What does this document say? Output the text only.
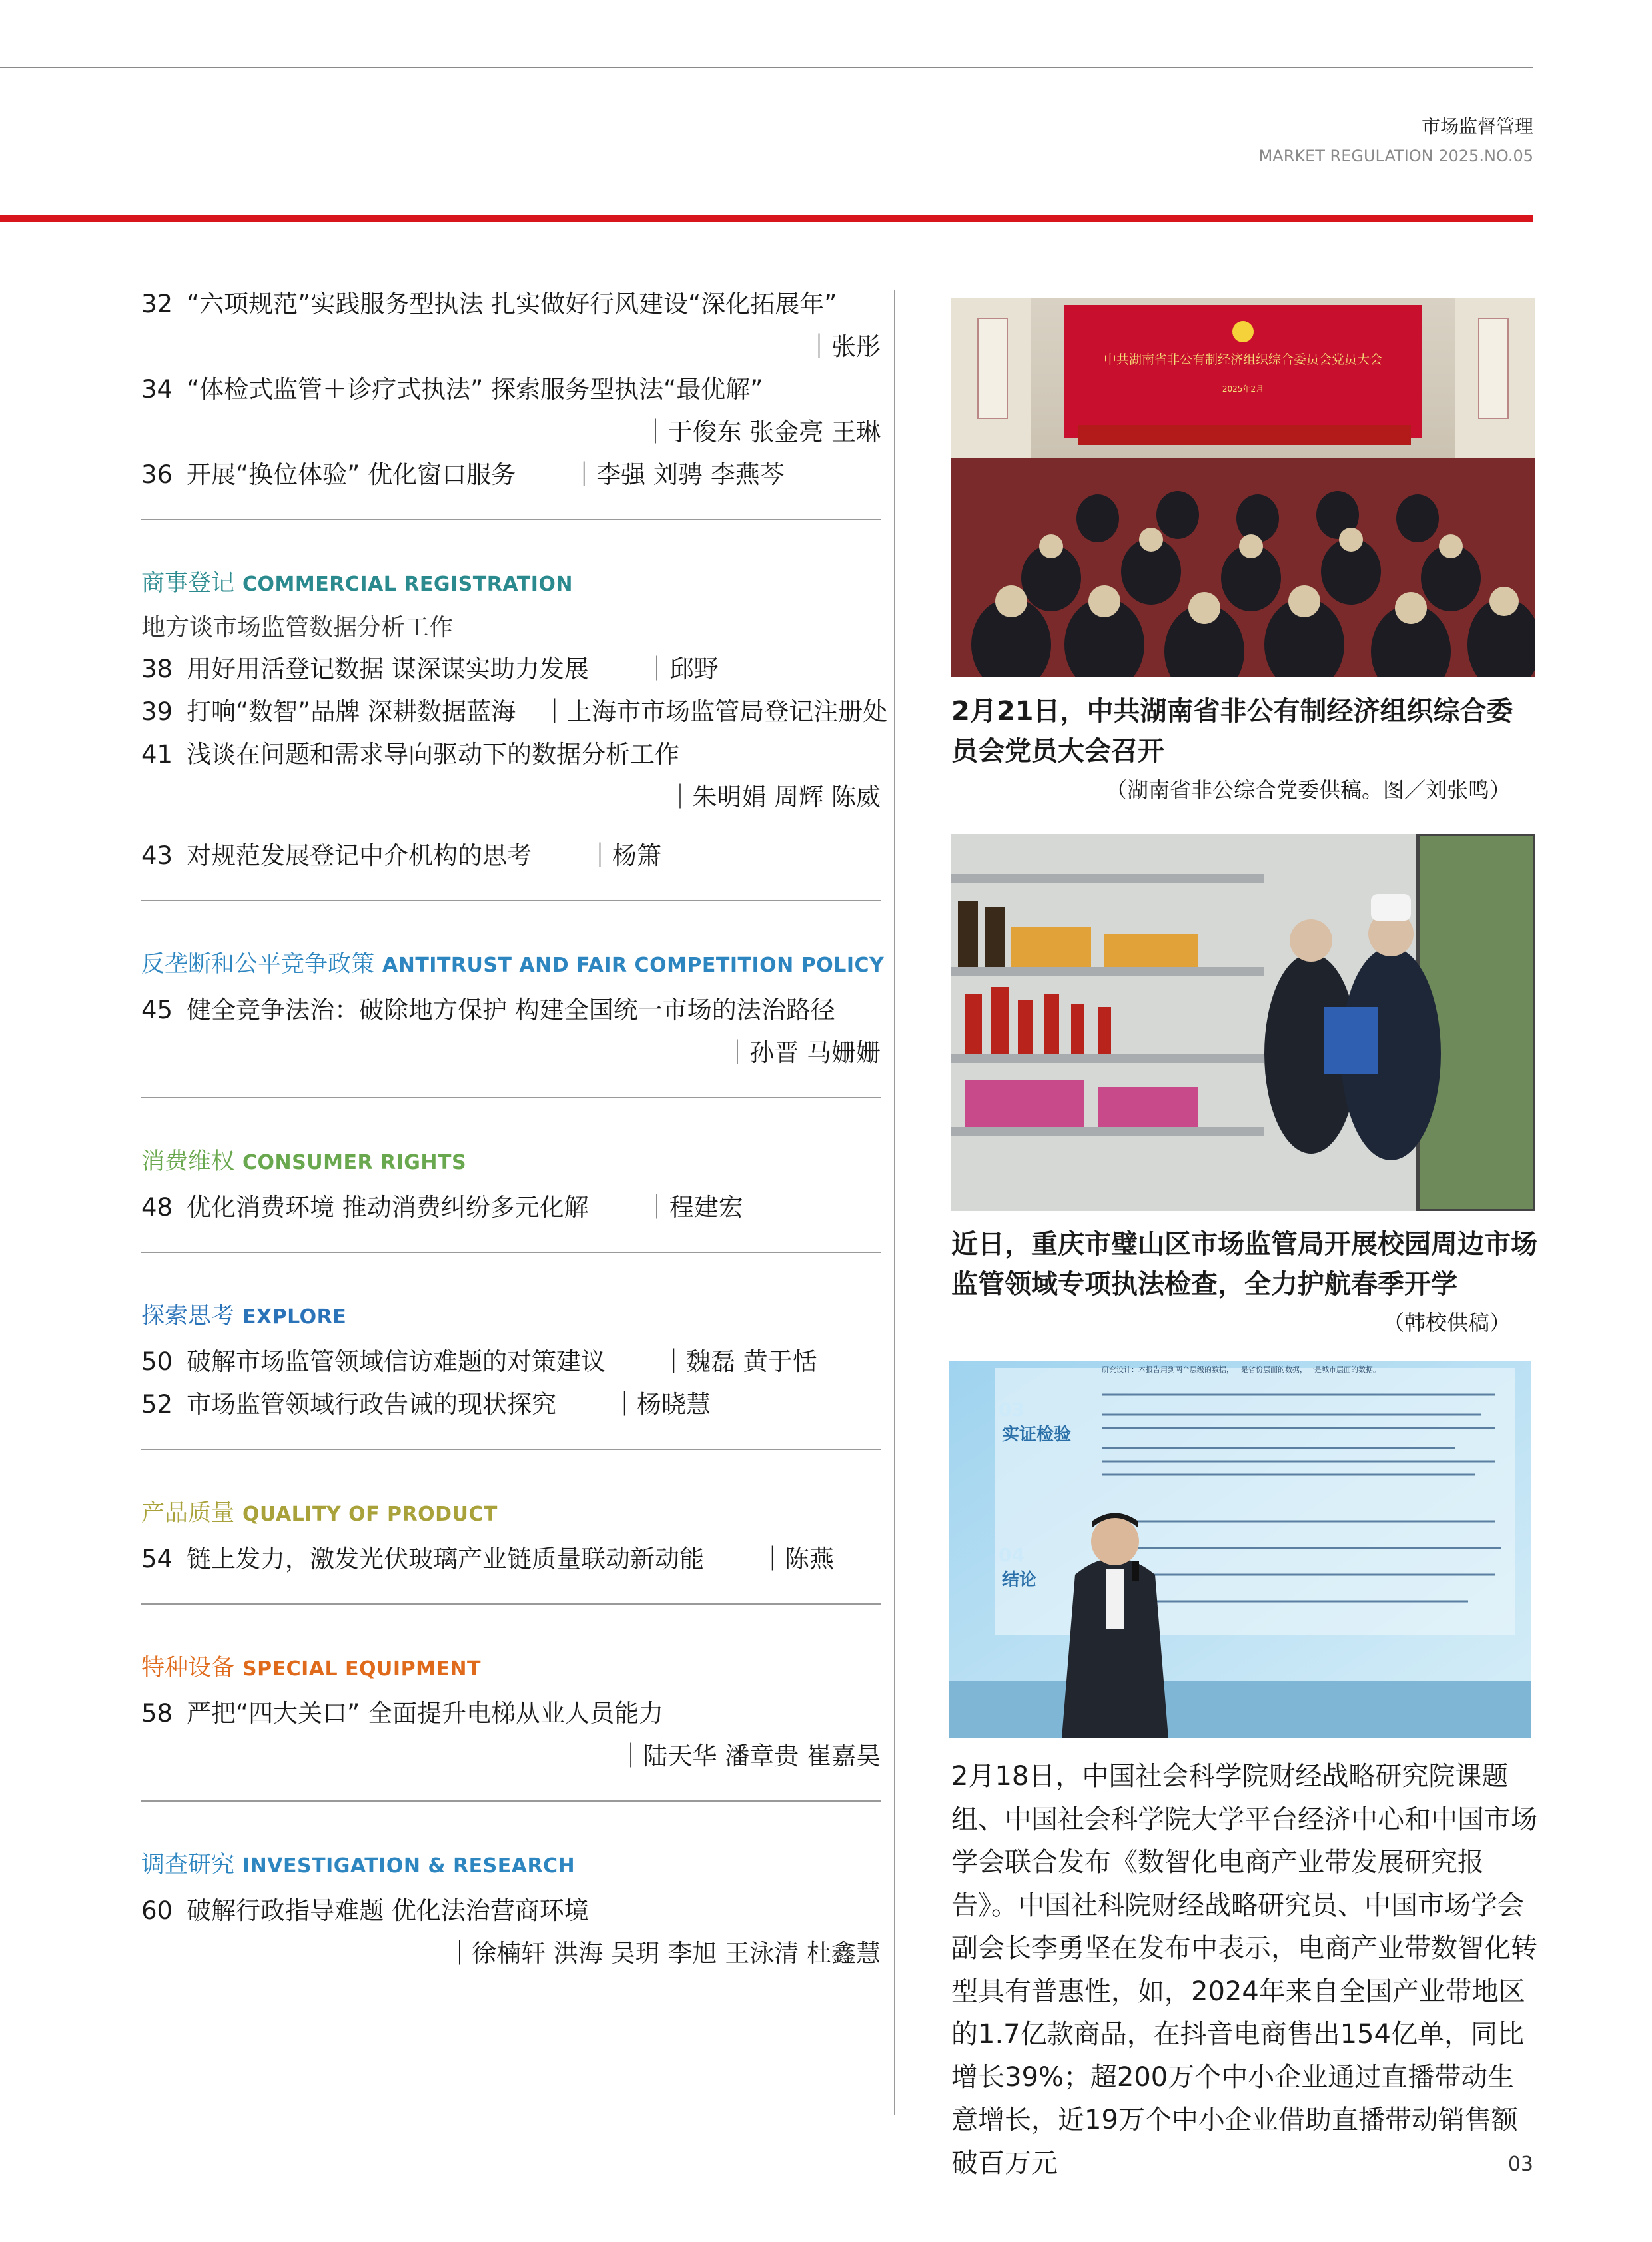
市场监督管理
MARKET REGULATION 2025.NO.05
32 “六项规范”实践服务型执法 扎实做好行风建设“深化拓展年”
｜张彤
34 “体检式监管＋诊疗式执法” 探索服务型执法“最优解”
｜于俊东 张金亮 王琳
36 开展“换位体验” 优化窗口服务 ｜李强 刘骋 李燕芩
商事登记 COMMERCIAL REGISTRATION
地方谈市场监管数据分析工作
38 用好用活登记数据 谋深谋实助力发展 ｜邱野
39 打响“数智”品牌 深耕数据蓝海 ｜上海市市场监管局登记注册处
41 浅谈在问题和需求导向驱动下的数据分析工作
｜朱明娟 周辉 陈威
43 对规范发展登记中介机构的思考 ｜杨箫
反垄断和公平竞争政策 ANTITRUST AND FAIR COMPETITION POLICY
45 健全竞争法治：破除地方保护 构建全国统一市场的法治路径
｜孙晋 马姗姗
消费维权 CONSUMER RIGHTS
48 优化消费环境 推动消费纠纷多元化解 ｜程建宏
探索思考 EXPLORE
50 破解市场监管领域信访难题的对策建议 ｜魏磊 黄于恬
52 市场监管领域行政告诫的现状探究 ｜杨晓慧
产品质量 QUALITY OF PRODUCT
54 链上发力，激发光伏玻璃产业链质量联动新动能 ｜陈燕
特种设备 SPECIAL EQUIPMENT
58 严把“四大关口” 全面提升电梯从业人员能力
｜陆天华 潘章贵 崔嘉昊
调查研究 INVESTIGATION & RESEARCH
60 破解行政指导难题 优化法治营商环境
｜徐楠轩 洪海 吴玥 李旭 王泳清 杜鑫慧
中共湖南省非公有制经济组织综合委员会党员大会
2025年2月
2月21日，中共湖南省非公有制经济组织综合委员会党员大会召开
（湖南省非公综合党委供稿。图／刘张鸣）
近日，重庆市璧山区市场监管局开展校园周边市场监管领域专项执法检查，全力护航春季开学
（韩校供稿）
研究设计：本报告用到两个层级的数据，一是省份层面的数据，一是城市层面的数据。
03
实证检验
04
结论
2月18日，中国社会科学院财经战略研究院课题组、中国社会科学院大学平台经济中心和中国市场学会联合发布《数智化电商产业带发展研究报告》。中国社科院财经战略研究员、中国市场学会副会长李勇坚在发布中表示，电商产业带数智化转型具有普惠性，如，2024年来自全国产业带地区的1.7亿款商品，在抖音电商售出154亿单，同比增长39%；超200万个中小企业通过直播带动生意增长，近19万个中小企业借助直播带动销售额破百万元	03
